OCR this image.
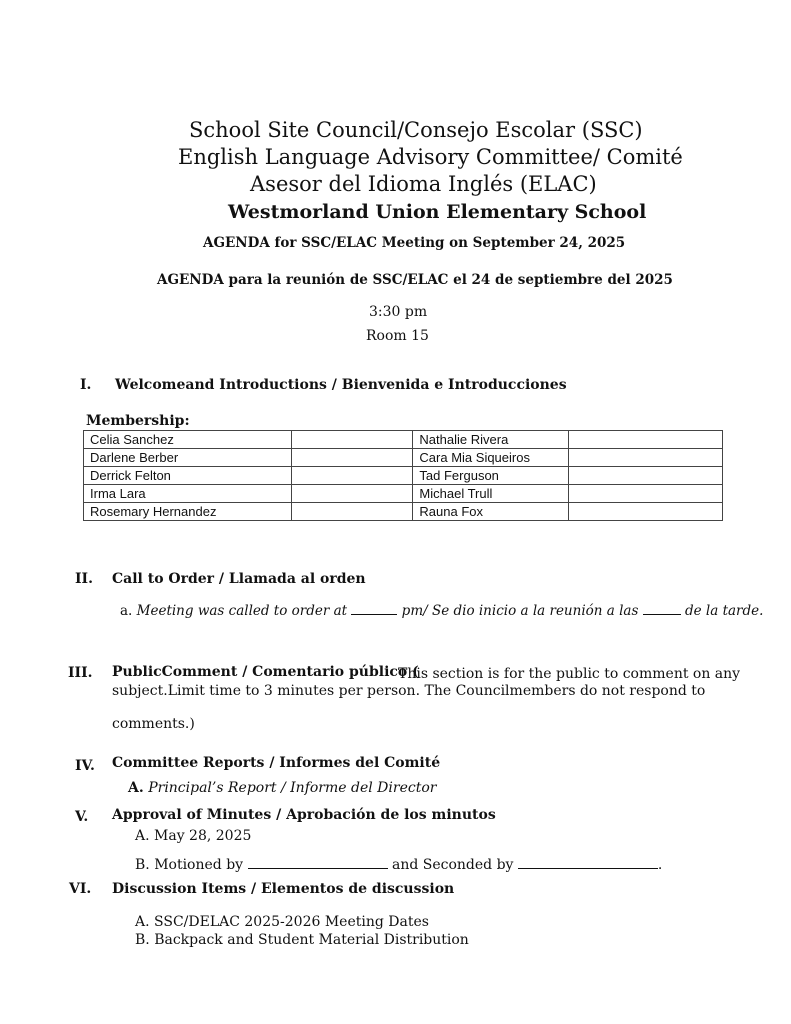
School Site Council/Consejo Escolar (SSC)
English Language Advisory Committee/ Comité
Asesor del Idioma Inglés (ELAC)
Westmorland Union Elementary School
AGENDA for SSC/ELAC Meeting on September 24, 2025
AGENDA para la reunión de SSC/ELAC el 24 de septiembre del 2025
3:30 pm
Room 15
I. Welcomeand Introductions / Bienvenida e Introducciones
Membership:
Celia Sanchez		Nathalie Rivera	
Darlene Berber		Cara Mia Siqueiros	
Derrick Felton		Tad Ferguson	
Irma Lara		Michael Trull	
Rosemary Hernandez		Rauna Fox	
II. Call to Order / Llamada al orden
a. Meeting was called to order at	pm/ Se dio inicio a la reunión a las	de la tarde.
III. PublicComment / Comentario público (
This section is for the public to comment on any
subject.Limit time to 3 minutes per person. The Councilmembers do not respond to
comments.)
IV. Committee Reports / Informes del Comité
A. Principal’s Report / Informe del Director
V. Approval of Minutes / Aprobación de los minutos
A. May 28, 2025
B. Motioned by	and Seconded by	.
VI. Discussion Items / Elementos de discussion
A. SSC/DELAC 2025-2026 Meeting Dates
B. Backpack and Student Material Distribution
